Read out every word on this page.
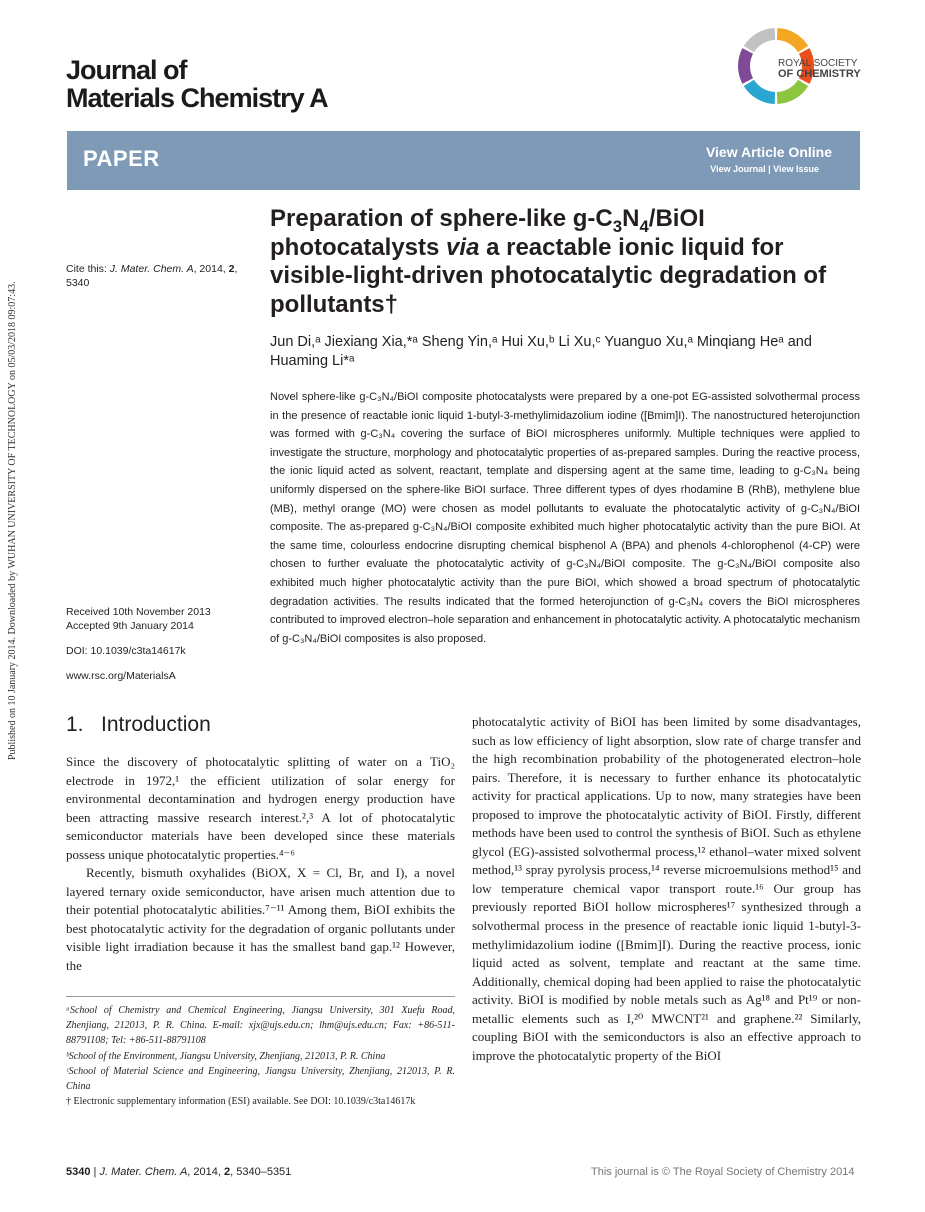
Published on 10 January 2014. Downloaded by WUHAN UNIVERSITY OF TECHNOLOGY on 05/03/2018 09:07:43.
Journal of
Materials Chemistry A
ROYAL SOCIETY
OF CHEMISTRY
PAPER	View Article Online
View Journal | View Issue
Preparation of sphere-like $g-C_3N_4$/BiOI photocatalysts via a reactable ionic liquid for visible-light-driven photocatalytic degradation of pollutants†
Jun Di,ᵃ Jiexiang Xia,*ᵃ Sheng Yin,ᵃ Hui Xu,ᵇ Li Xu,ᶜ Yuanguo Xu,ᵃ Minqiang Heᵃ and Huaming Li*ᵃ
Cite this: J. Mater. Chem. A, 2014, 2, 5340
Received 10th November 2013
Accepted 9th January 2014
DOI: 10.1039/c3ta14617k
www.rsc.org/MaterialsA
Novel sphere-like g-C₃N₄/BiOI composite photocatalysts were prepared by a one-pot EG-assisted solvothermal process in the presence of reactable ionic liquid 1-butyl-3-methylimidazolium iodine ([Bmim]I). The nanostructured heterojunction was formed with g-C₃N₄ covering the surface of BiOI microspheres uniformly. Multiple techniques were applied to investigate the structure, morphology and photocatalytic properties of as-prepared samples. During the reactive process, the ionic liquid acted as solvent, reactant, template and dispersing agent at the same time, leading to g-C₃N₄ being uniformly dispersed on the sphere-like BiOI surface. Three different types of dyes rhodamine B (RhB), methylene blue (MB), methyl orange (MO) were chosen as model pollutants to evaluate the photocatalytic activity of g-C₃N₄/BiOI composite. The as-prepared g-C₃N₄/BiOI composite exhibited much higher photocatalytic activity than the pure BiOI. At the same time, colourless endocrine disrupting chemical bisphenol A (BPA) and phenols 4-chlorophenol (4-CP) were chosen to further evaluate the photocatalytic activity of g-C₃N₄/BiOI composite. The g-C₃N₄/BiOI composite also exhibited much higher photocatalytic activity than the pure BiOI, which showed a broad spectrum of photocatalytic degradation activities. The results indicated that the formed heterojunction of g-C₃N₄ covers the BiOI microspheres contributed to improved electron–hole separation and enhancement in photocatalytic activity. A photocatalytic mechanism of g-C₃N₄/BiOI composites is also proposed.
1. Introduction

Since the discovery of photocatalytic splitting of water on a TiO₂ electrode in 1972,¹ the efficient utilization of solar energy for environmental decontamination and hydrogen energy production have been attracting massive research interest.²,³ A lot of photocatalytic semiconductor materials have been developed since these materials possess unique photocatalytic properties.⁴⁻⁶

Recently, bismuth oxyhalides (BiOX, X = Cl, Br, and I), a novel layered ternary oxide semiconductor, have arisen much attention due to their potential photocatalytic abilities.⁷⁻¹¹ Among them, BiOI exhibits the best photocatalytic activity for the degradation of organic pollutants under visible light irradiation because it has the smallest band gap.¹² However, the

photocatalytic activity of BiOI has been limited by some disadvantages, such as low efficiency of light absorption, slow rate of charge transfer and the high recombination probability of the photogenerated electron–hole pairs. Therefore, it is necessary to further enhance its photocatalytic activity for practical applications. Up to now, many strategies have been proposed to improve the photocatalytic activity of BiOI. Firstly, different methods have been used to control the synthesis of BiOI. Such as ethylene glycol (EG)-assisted solvothermal process,¹² ethanol–water mixed solvent method,¹³ spray pyrolysis process,¹⁴ reverse microemulsions method¹⁵ and low temperature chemical vapor transport route.¹⁶ Our group has previously reported BiOI hollow microspheres¹⁷ synthesized through a solvothermal process in the presence of reactable ionic liquid 1-butyl-3-methylimidazolium iodine ([Bmim]I). During the reactive process, ionic liquid acted as solvent, template and reactant at the same time. Additionally, chemical doping had been applied to raise the photocatalytic activity. BiOI is modified by noble metals such as Ag¹⁸ and Pt¹⁹ or non-metallic elements such as I,²⁰ MWCNT²¹ and graphene.²² Similarly, coupling BiOI with the semiconductors is also an effective approach to improve the photocatalytic property of the BiOI

ᵃSchool of Chemistry and Chemical Engineering, Jiangsu University, 301 Xuefu Road, Zhenjiang, 212013, P. R. China. E-mail: xjx@ujs.edu.cn; lhm@ujs.edu.cn; Fax: +86-511-88791108; Tel: +86-511-88791108

ᵇSchool of the Environment, Jiangsu University, Zhenjiang, 212013, P. R. China

ᶜSchool of Material Science and Engineering, Jiangsu University, Zhenjiang, 212013, P. R. China

† Electronic supplementary information (ESI) available. See DOI: 10.1039/c3ta14617k

5340 | J. Mater. Chem. A, 2014, 2, 5340–5351	This journal is © The Royal Society of Chemistry 2014
